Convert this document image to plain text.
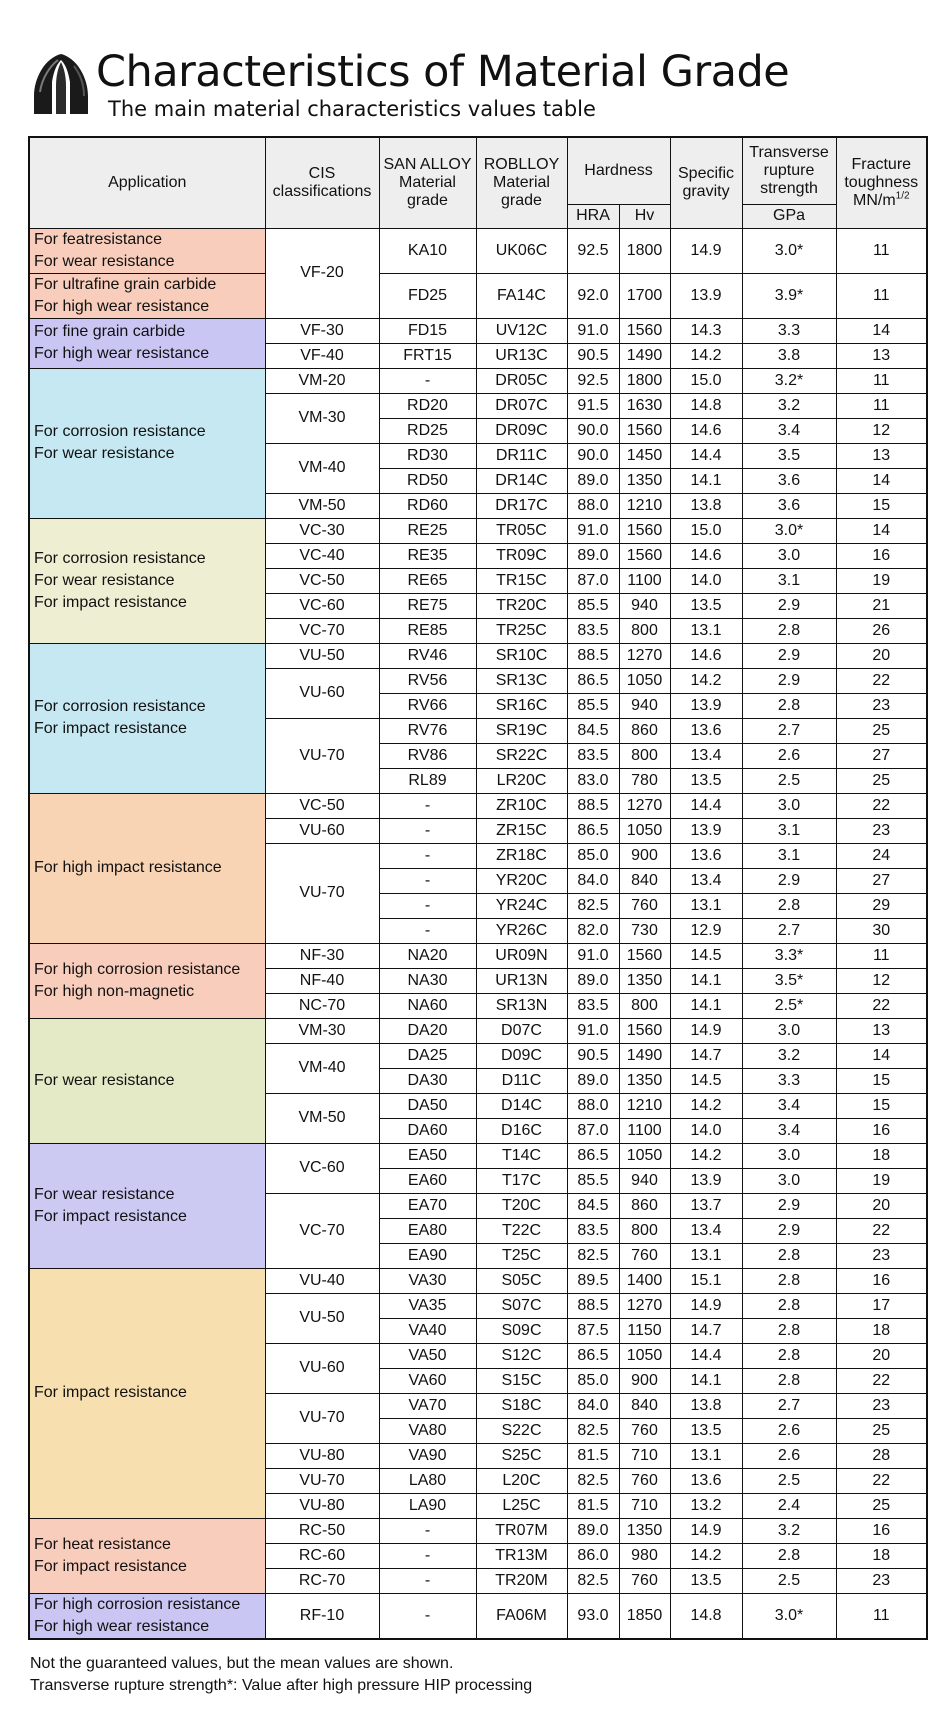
Characteristics of Material Grade
The main material characteristics values table
Application	CIS classifications	SAN ALLOY Material grade	ROBLLOY Material grade	Hardness		Specific gravity	Transverse rupture strength	Fracture toughness
$MN/m^{1/2}$
				HRA	Hv		GPa	

For featresistance
For wear resistance	VF-20	KA10	UK06C	92.5	1800	14.9	3.0*	11

For ultrafine grain carbide
For high wear resistance		FD25	FA14C	92.0	1700	13.9	3.9*	11

For fine grain carbide
For high wear resistance	VF-30	FD15	UV12C	91.0	1560	14.3	3.3	14
	VF-40	FRT15	UR13C	90.5	1490	14.2	3.8	13

For corrosion resistance
For wear resistance	VM-20	-	DR05C	92.5	1800	15.0	3.2*	11
	VM-30	RD20	DR07C	91.5	1630	14.8	3.2	11
		RD25	DR09C	90.0	1560	14.6	3.4	12
	VM-40	RD30	DR11C	90.0	1450	14.4	3.5	13
		RD50	DR14C	89.0	1350	14.1	3.6	14
	VM-50	RD60	DR17C	88.0	1210	13.8	3.6	15

For corrosion resistance
For wear resistance
For impact resistance	VC-30	RE25	TR05C	91.0	1560	15.0	3.0*	14
	VC-40	RE35	TR09C	89.0	1560	14.6	3.0	16
	VC-50	RE65	TR15C	87.0	1100	14.0	3.1	19
	VC-60	RE75	TR20C	85.5	940	13.5	2.9	21
	VC-70	RE85	TR25C	83.5	800	13.1	2.8	26

For corrosion resistance
For impact resistance	VU-50	RV46	SR10C	88.5	1270	14.6	2.9	20
	VU-60	RV56	SR13C	86.5	1050	14.2	2.9	22
		RV66	SR16C	85.5	940	13.9	2.8	23
	VU-70	RV76	SR19C	84.5	860	13.6	2.7	25
		RV86	SR22C	83.5	800	13.4	2.6	27
		RL89	LR20C	83.0	780	13.5	2.5	25

For high impact resistance	VC-50	-	ZR10C	88.5	1270	14.4	3.0	22
	VU-60	-	ZR15C	86.5	1050	13.9	3.1	23
	VU-70	-	ZR18C	85.0	900	13.6	3.1	24
		-	YR20C	84.0	840	13.4	2.9	27
		-	YR24C	82.5	760	13.1	2.8	29
		-	YR26C	82.0	730	12.9	2.7	30

For high corrosion resistance
For high non-magnetic	NF-30	NA20	UR09N	91.0	1560	14.5	3.3*	11
	NF-40	NA30	UR13N	89.0	1350	14.1	3.5*	12
	NC-70	NA60	SR13N	83.5	800	14.1	2.5*	22

For wear resistance	VM-30	DA20	D07C	91.0	1560	14.9	3.0	13
	VM-40	DA25	D09C	90.5	1490	14.7	3.2	14
		DA30	D11C	89.0	1350	14.5	3.3	15
	VM-50	DA50	D14C	88.0	1210	14.2	3.4	15
		DA60	D16C	87.0	1100	14.0	3.4	16

For wear resistance
For impact resistance	VC-60	EA50	T14C	86.5	1050	14.2	3.0	18
		EA60	T17C	85.5	940	13.9	3.0	19
	VC-70	EA70	T20C	84.5	860	13.7	2.9	20
		EA80	T22C	83.5	800	13.4	2.9	22
		EA90	T25C	82.5	760	13.1	2.8	23

For impact resistance	VU-40	VA30	S05C	89.5	1400	15.1	2.8	16
	VU-50	VA35	S07C	88.5	1270	14.9	2.8	17
		VA40	S09C	87.5	1150	14.7	2.8	18
	VU-60	VA50	S12C	86.5	1050	14.4	2.8	20
		VA60	S15C	85.0	900	14.1	2.8	22
	VU-70	VA70	S18C	84.0	840	13.8	2.7	23
		VA80	S22C	82.5	760	13.5	2.6	25
	VU-80	VA90	S25C	81.5	710	13.1	2.6	28
	VU-70	LA80	L20C	82.5	760	13.6	2.5	22
	VU-80	LA90	L25C	81.5	710	13.2	2.4	25

For heat resistance
For impact resistance	RC-50	-	TR07M	89.0	1350	14.9	3.2	16
	RC-60	-	TR13M	86.0	980	14.2	2.8	18
	RC-70	-	TR20M	82.5	760	13.5	2.5	23

For high corrosion resistance
For high wear resistance	RF-10	-	FA06M	93.0	1850	14.8	3.0*	11
Not the guaranteed values, but the mean values are shown.
Transverse rupture strength*: Value after high pressure HIP processing
